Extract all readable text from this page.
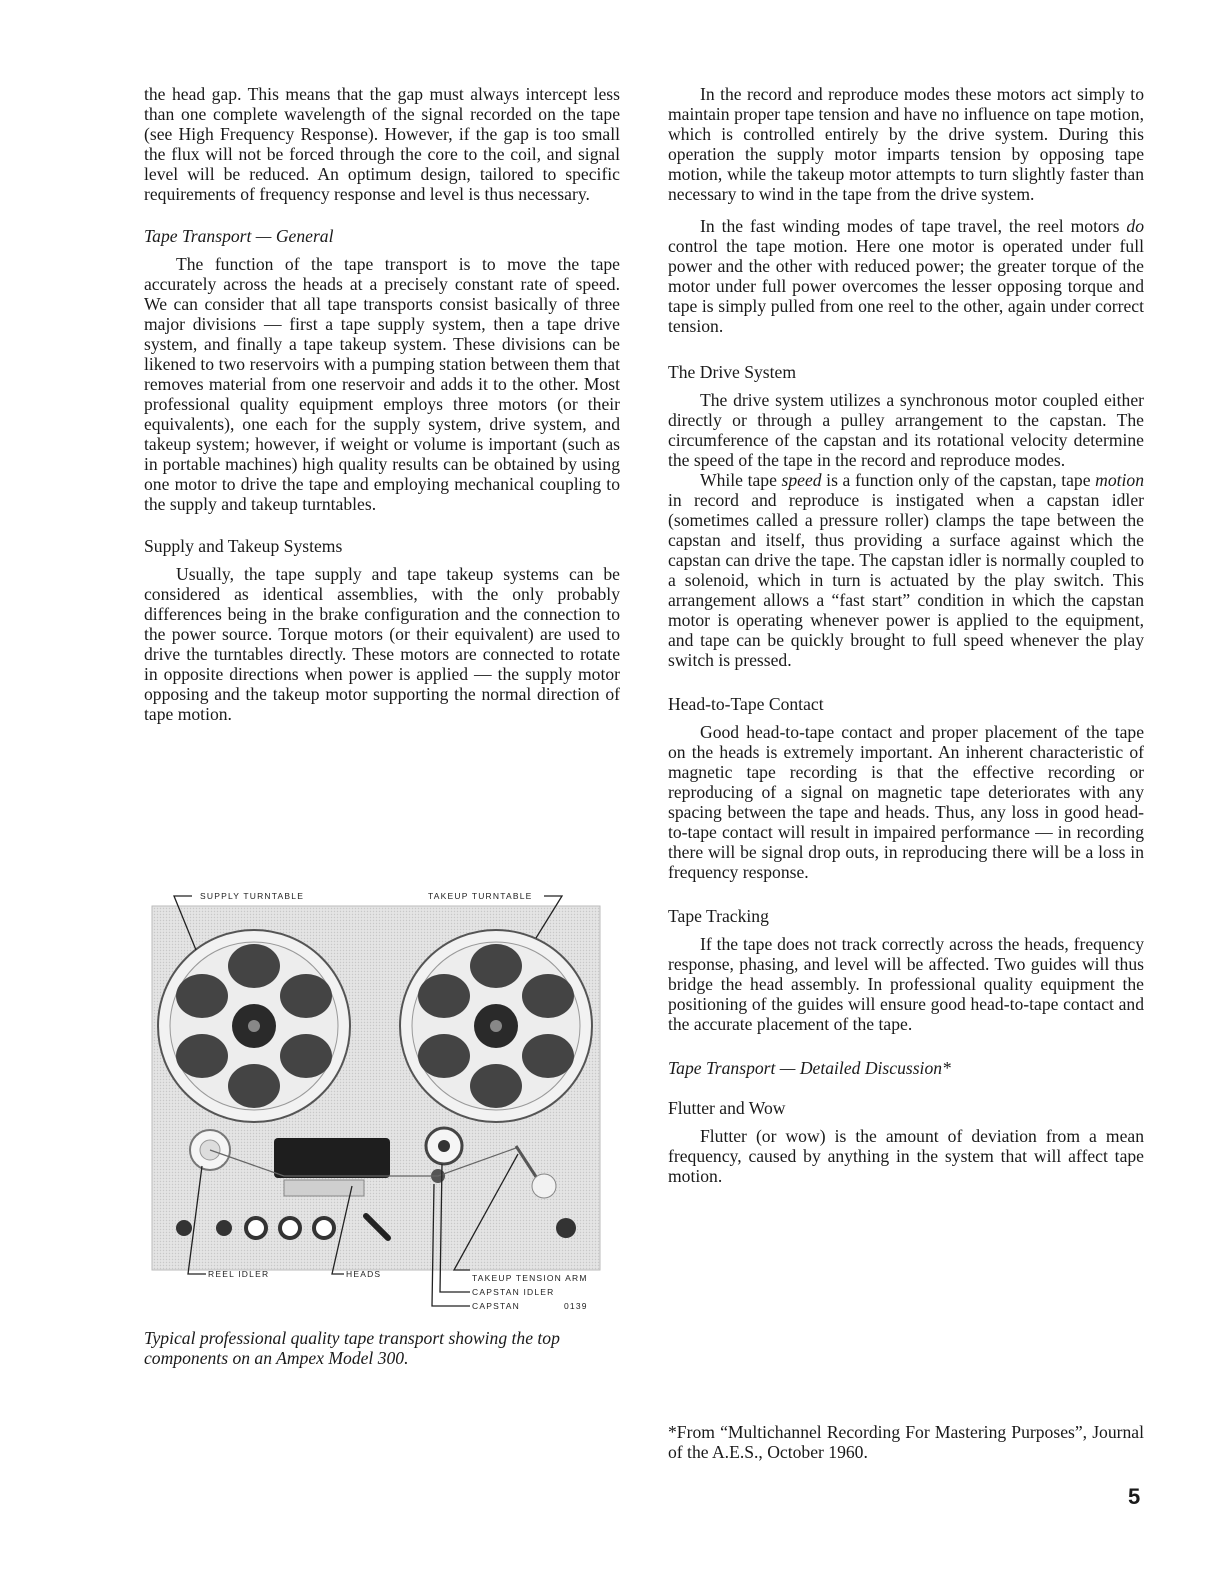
the head gap. This means that the gap must always intercept less than one complete wavelength of the signal recorded on the tape (see High Frequency Response). However, if the gap is too small the flux will not be forced through the core to the coil, and signal level will be reduced. An optimum design, tailored to specific requirements of frequency response and level is thus necessary.

Tape Transport — General

The function of the tape transport is to move the tape accurately across the heads at a precisely constant rate of speed. We can consider that all tape transports consist basically of three major divisions — first a tape supply system, then a tape drive system, and finally a tape takeup system. These divisions can be likened to two reservoirs with a pumping station between them that removes material from one reservoir and adds it to the other. Most professional quality equipment employs three motors (or their equivalents), one each for the supply system, drive system, and takeup system; however, if weight or volume is important (such as in portable machines) high quality results can be obtained by using one motor to drive the tape and employing mechanical coupling to the supply and takeup turntables.

Supply and Takeup Systems

Usually, the tape supply and tape takeup systems can be considered as identical assemblies, with the only probably differences being in the brake configuration and the connection to the power source. Torque motors (or their equivalent) are used to drive the turntables directly. These motors are connected to rotate in opposite directions when power is applied — the supply motor opposing and the takeup motor supporting the normal direction of tape motion.

SUPPLY TURNTABLE	TAKEUP TURNTABLE
REEL IDLER	HEADS	TAKEUP TENSION ARM
CAPSTAN IDLER
CAPSTAN	0139
Typical professional quality tape transport showing the top components on an Ampex Model 300.

In the record and reproduce modes these motors act simply to maintain proper tape tension and have no influence on tape motion, which is controlled entirely by the drive system. During this operation the supply motor imparts tension by opposing tape motion, while the takeup motor attempts to turn slightly faster than necessary to wind in the tape from the drive system.

In the fast winding modes of tape travel, the reel motors do control the tape motion. Here one motor is operated under full power and the other with reduced power; the greater torque of the motor under full power overcomes the lesser opposing torque and tape is simply pulled from one reel to the other, again under correct tension.

The Drive System

The drive system utilizes a synchronous motor coupled either directly or through a pulley arrangement to the capstan. The circumference of the capstan and its rotational velocity determine the speed of the tape in the record and reproduce modes.

While tape speed is a function only of the capstan, tape motion in record and reproduce is instigated when a capstan idler (sometimes called a pressure roller) clamps the tape between the capstan and itself, thus providing a surface against which the capstan can drive the tape. The capstan idler is normally coupled to a solenoid, which in turn is actuated by the play switch. This arrangement allows a “fast start” condition in which the capstan motor is operating whenever power is applied to the equipment, and tape can be quickly brought to full speed whenever the play switch is pressed.

Head-to-Tape Contact

Good head-to-tape contact and proper placement of the tape on the heads is extremely important. An inherent characteristic of magnetic tape recording is that the effective recording or reproducing of a signal on magnetic tape deteriorates with any spacing between the tape and heads. Thus, any loss in good head-to-tape contact will result in impaired performance — in recording there will be signal drop outs, in reproducing there will be a loss in frequency response.

Tape Tracking

If the tape does not track correctly across the heads, frequency response, phasing, and level will be affected. Two guides will thus bridge the head assembly. In professional quality equipment the positioning of the guides will ensure good head-to-tape contact and the accurate placement of the tape.

Tape Transport — Detailed Discussion*
Flutter and Wow

Flutter (or wow) is the amount of deviation from a mean frequency, caused by anything in the system that will affect tape motion.

*From “Multichannel Recording For Mastering Purposes”, Journal of the A.E.S., October 1960.
5
